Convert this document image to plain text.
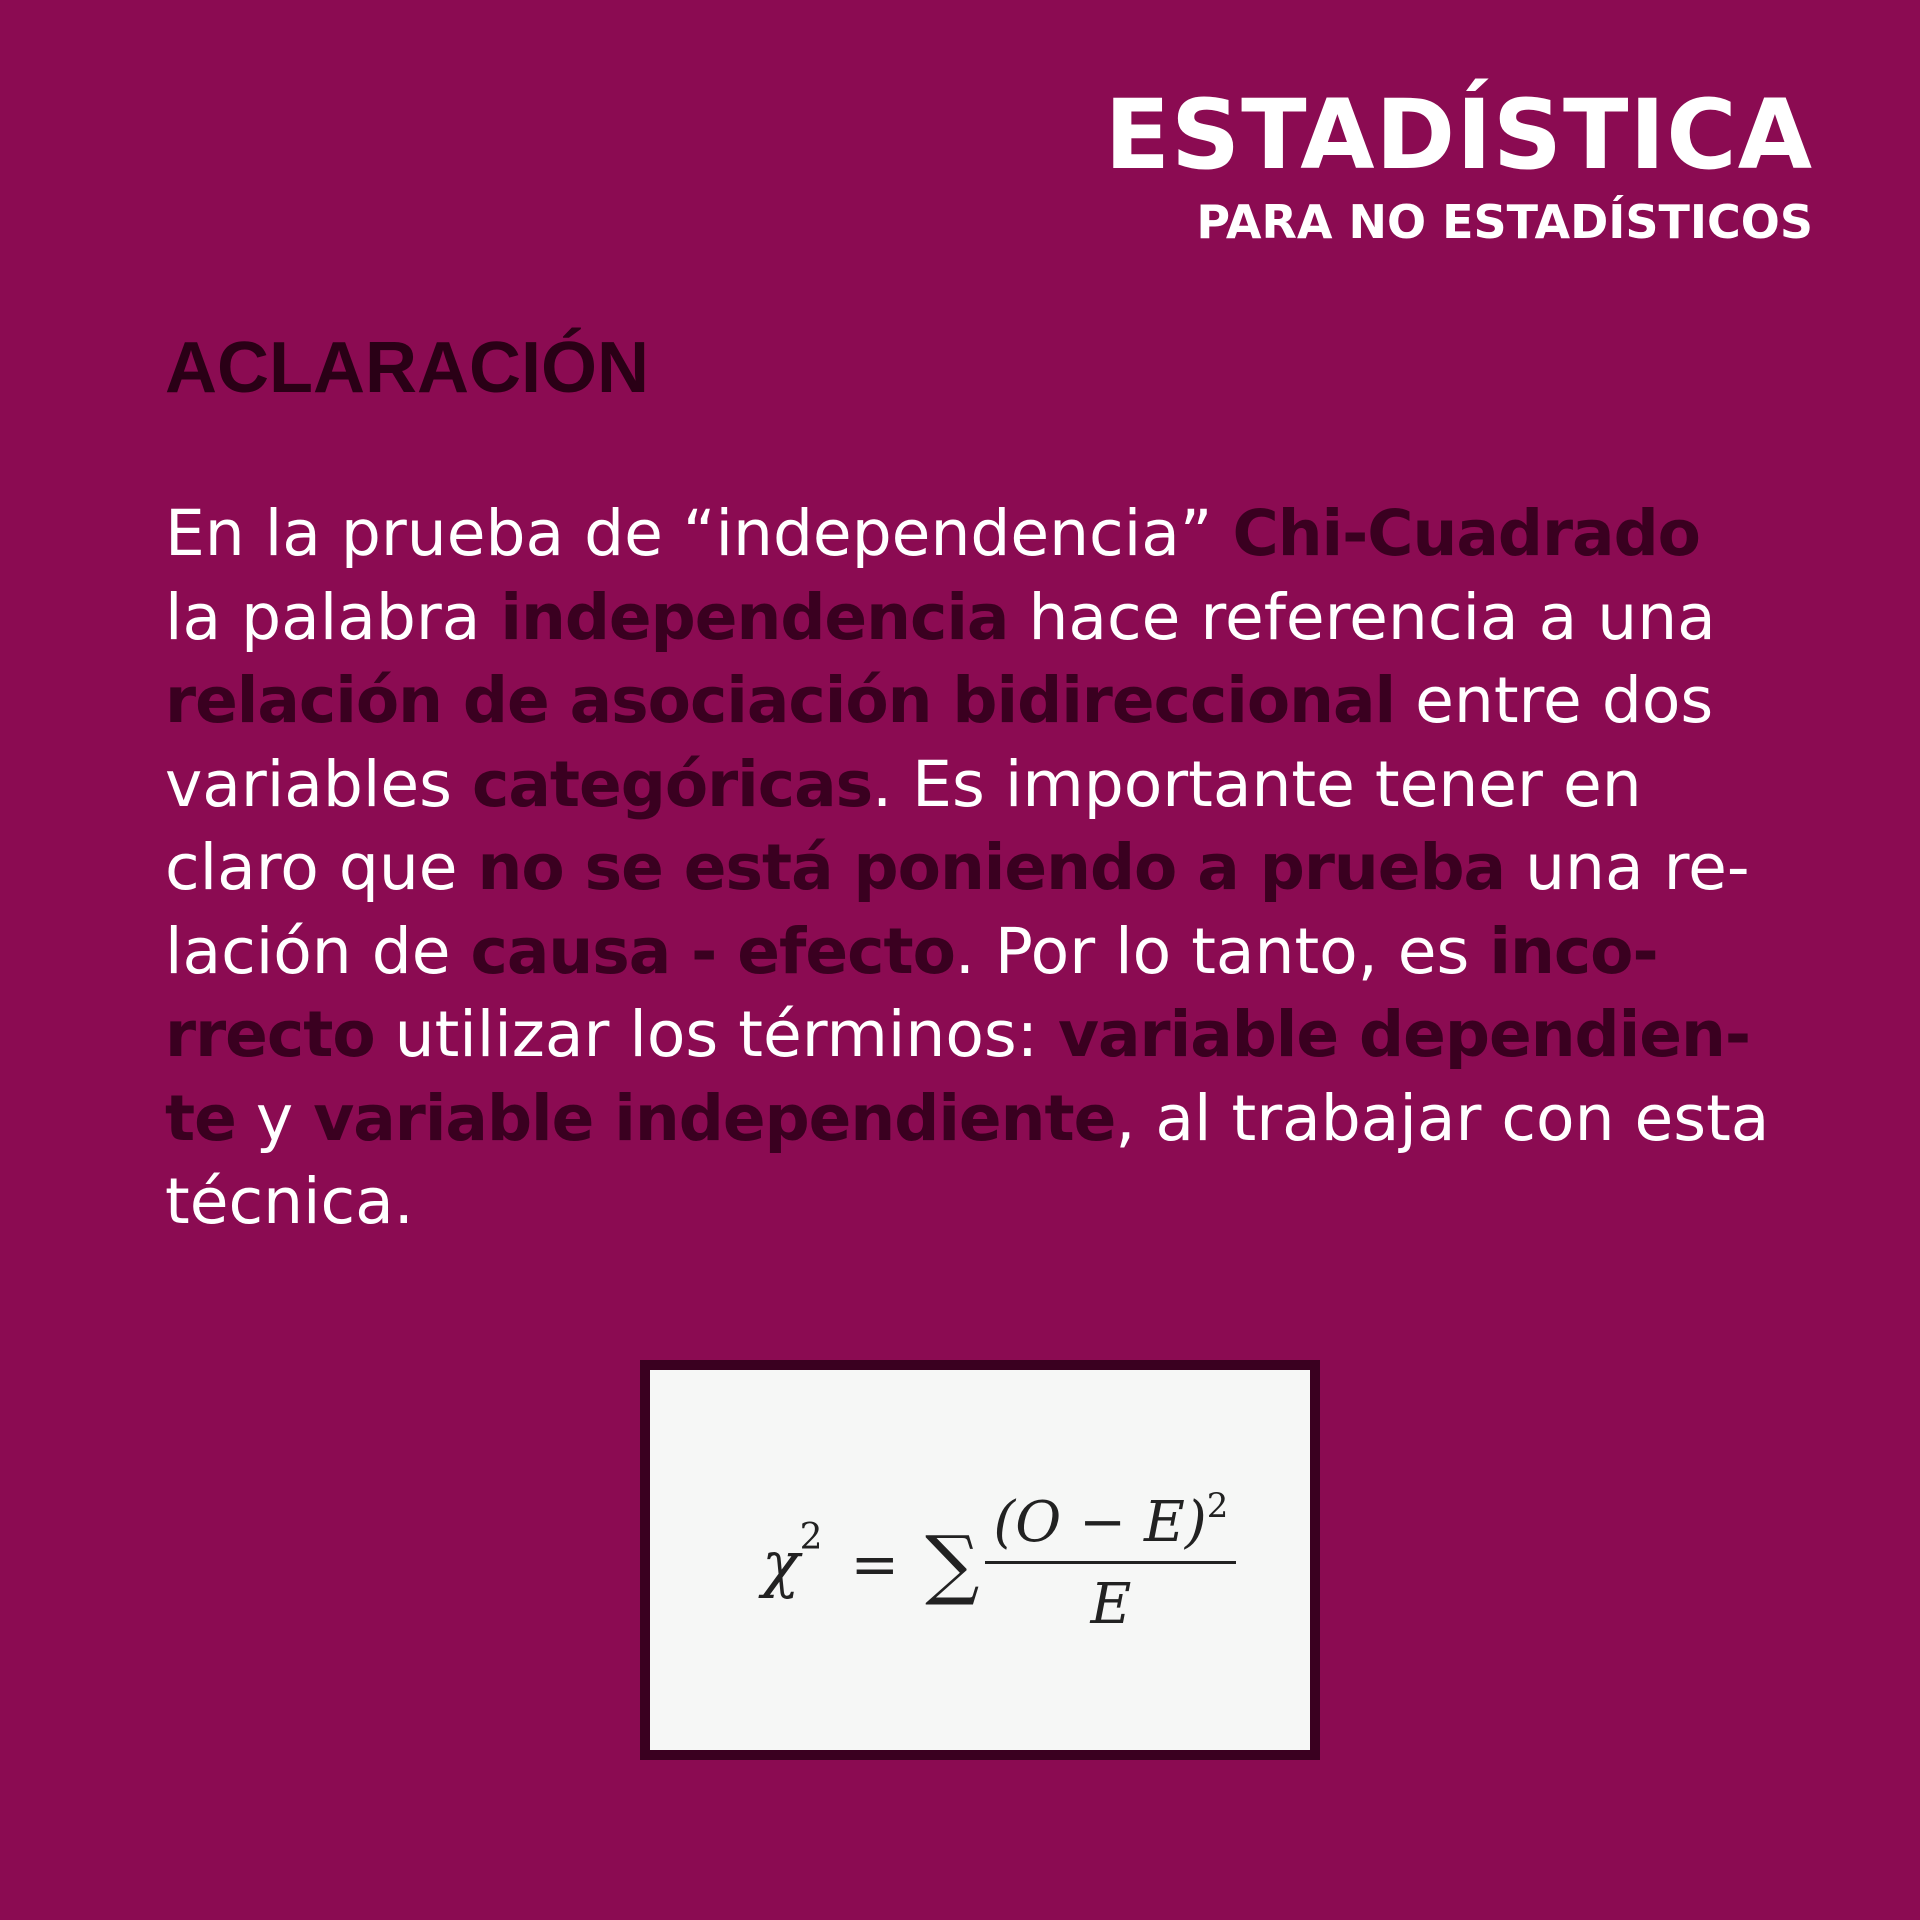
ESTADÍSTICA
PARA NO ESTADÍSTICOS
ACLARACIÓN

En la prueba de “independencia” Chi-Cuadrado
la palabra independencia hace referencia a una
relación de asociación bidireccional entre dos
variables categóricas. Es importante tener en
claro que no se está poniendo a prueba una re-
lación de causa - efecto. Por lo tanto, es inco-
rrecto utilizar los términos: variable dependien-
te y variable independiente, al trabajar con esta
técnica.

χ 2 = ∑ $\frac{(O - E)^2}{E}$
